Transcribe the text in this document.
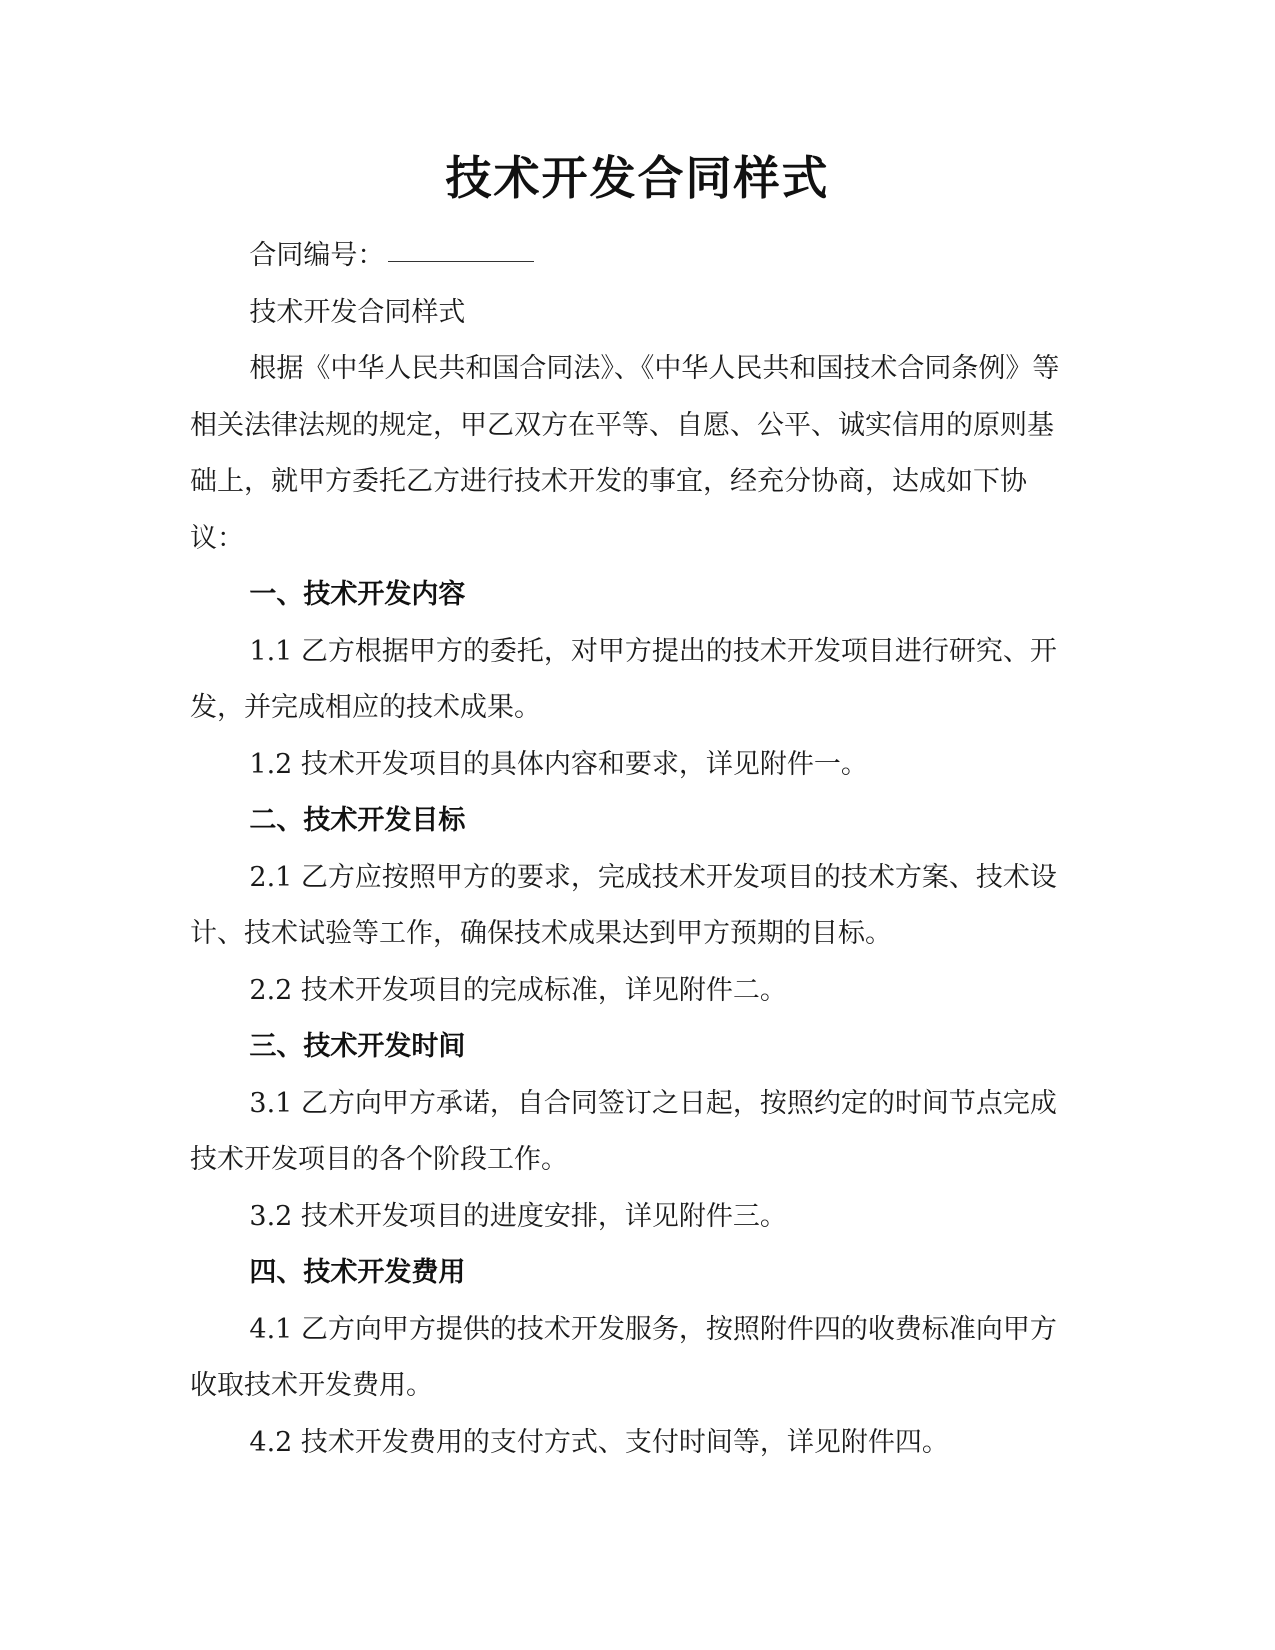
技术开发合同样式

合同编号：

技术开发合同样式

根据《中华人民共和国合同法》、《中华人民共和国技术合同条例》等相关法律法规的规定，甲乙双方在平等、自愿、公平、诚实信用的原则基础上，就甲方委托乙方进行技术开发的事宜，经充分协商，达成如下协议：

一、技术开发内容

1.1 乙方根据甲方的委托，对甲方提出的技术开发项目进行研究、开发，并完成相应的技术成果。

1.2 技术开发项目的具体内容和要求，详见附件一。

二、技术开发目标

2.1 乙方应按照甲方的要求，完成技术开发项目的技术方案、技术设计、技术试验等工作，确保技术成果达到甲方预期的目标。

2.2 技术开发项目的完成标准，详见附件二。

三、技术开发时间

3.1 乙方向甲方承诺，自合同签订之日起，按照约定的时间节点完成技术开发项目的各个阶段工作。

3.2 技术开发项目的进度安排，详见附件三。

四、技术开发费用

4.1 乙方向甲方提供的技术开发服务，按照附件四的收费标准向甲方收取技术开发费用。

4.2 技术开发费用的支付方式、支付时间等，详见附件四。
